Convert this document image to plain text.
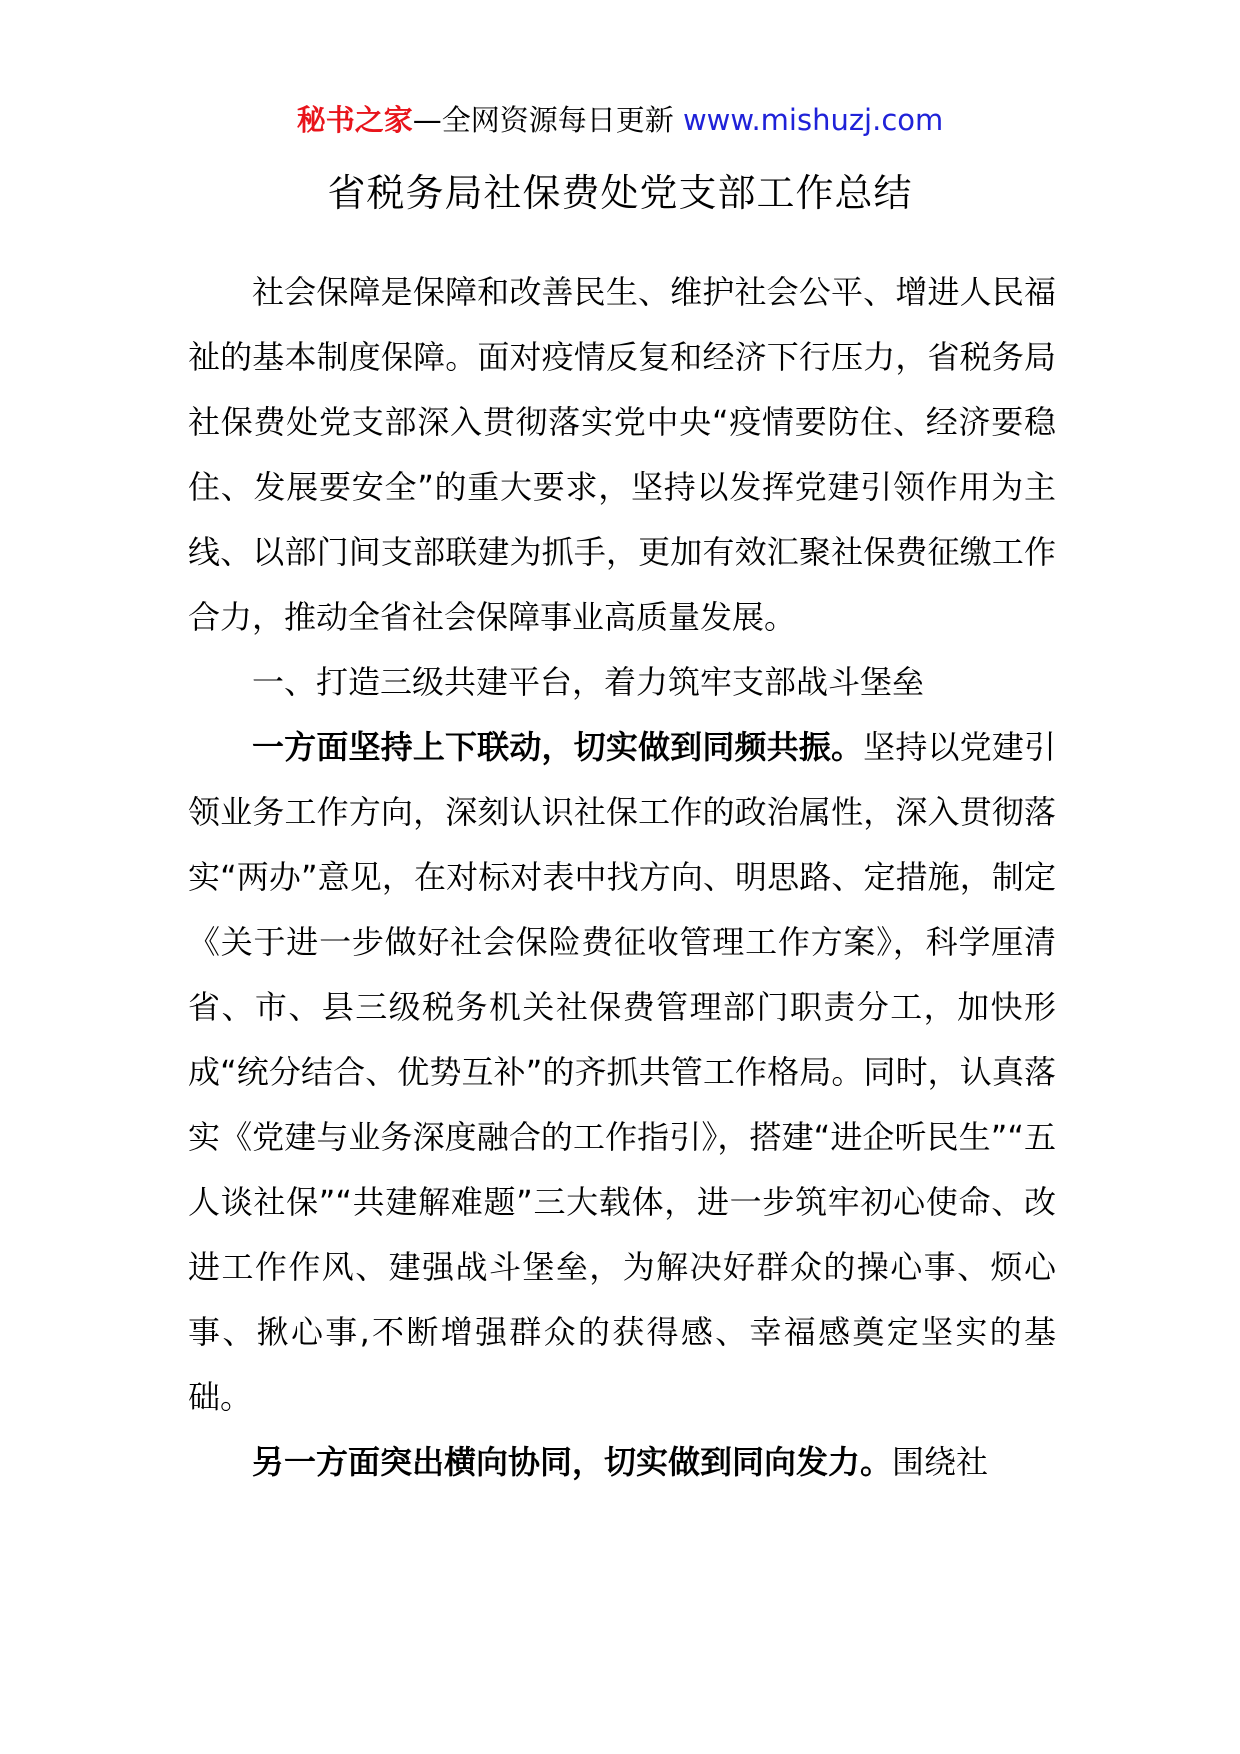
秘书之家—全网资源每日更新 www.mishuzj.com
省税务局社保费处党支部工作总结

社会保障是保障和改善民生、维护社会公平、增进人民福祉的基本制度保障。面对疫情反复和经济下行压力，省税务局社保费处党支部深入贯彻落实党中央“疫情要防住、经济要稳住、发展要安全”的重大要求，坚持以发挥党建引领作用为主线、以部门间支部联建为抓手，更加有效汇聚社保费征缴工作合力，推动全省社会保障事业高质量发展。

一、打造三级共建平台，着力筑牢支部战斗堡垒

一方面坚持上下联动，切实做到同频共振。坚持以党建引领业务工作方向，深刻认识社保工作的政治属性，深入贯彻落实“两办”意见，在对标对表中找方向、明思路、定措施，制定《关于进一步做好社会保险费征收管理工作方案》，科学厘清省、市、县三级税务机关社保费管理部门职责分工，加快形成“统分结合、优势互补”的齐抓共管工作格局。同时，认真落实《党建与业务深度融合的工作指引》，搭建“进企听民生”“五人谈社保”“共建解难题”三大载体，进一步筑牢初心使命、改进工作作风、建强战斗堡垒，为解决好群众的操心事、烦心事、揪心事,不断增强群众的获得感、幸福感奠定坚实的基础。

另一方面突出横向协同，切实做到同向发力。围绕社
